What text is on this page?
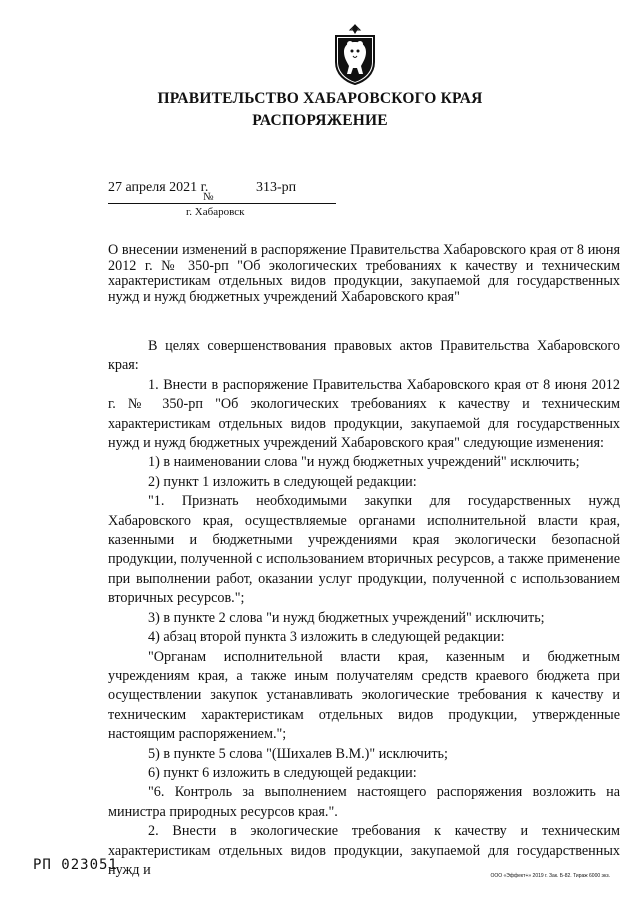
ПРАВИТЕЛЬСТВО ХАБАРОВСКОГО КРАЯ
РАСПОРЯЖЕНИЕ
27 апреля 2021 г.	313-рп
№
г. Хабаровск
О внесении изменений в распоряжение Правительства Хабаровского края от 8 июня 2012 г. № 350-рп "Об экологических требованиях к качеству и техническим характеристикам отдельных видов продукции, закупаемой для государственных нужд и нужд бюджетных учреждений Хабаровского края"

В целях совершенствования правовых актов Правительства Хабаровского края:

1. Внести в распоряжение Правительства Хабаровского края от 8 июня 2012 г. № 350-рп "Об экологических требованиях к качеству и техническим характеристикам отдельных видов продукции, закупаемой для государственных нужд и нужд бюджетных учреждений Хабаровского края" следующие изменения:

1) в наименовании слова "и нужд бюджетных учреждений" исключить;

2) пункт 1 изложить в следующей редакции:

"1. Признать необходимыми закупки для государственных нужд Хабаровского края, осуществляемые органами исполнительной власти края, казенными и бюджетными учреждениями края экологически безопасной продукции, полученной с использованием вторичных ресурсов, а также применение при выполнении работ, оказании услуг продукции, полученной с использованием вторичных ресурсов.";

3) в пункте 2 слова "и нужд бюджетных учреждений" исключить;

4) абзац второй пункта 3 изложить в следующей редакции:

"Органам исполнительной власти края, казенным и бюджетным учреждениям края, а также иным получателям средств краевого бюджета при осуществлении закупок устанавливать экологические требования к качеству и техническим характеристикам отдельных видов продукции, утвержденные настоящим распоряжением.";

5) в пункте 5 слова "(Шихалев В.М.)" исключить;

6) пункт 6 изложить в следующей редакции:

"6. Контроль за выполнением настоящего распоряжения возложить на министра природных ресурсов края.".

2. Внести в экологические требования к качеству и техническим характеристикам отдельных видов продукции, закупаемой для государственных нужд и

РП 023051
ООО «Эффект+» 2019 г. Зак. Б-82. Тираж 6000 экз.
